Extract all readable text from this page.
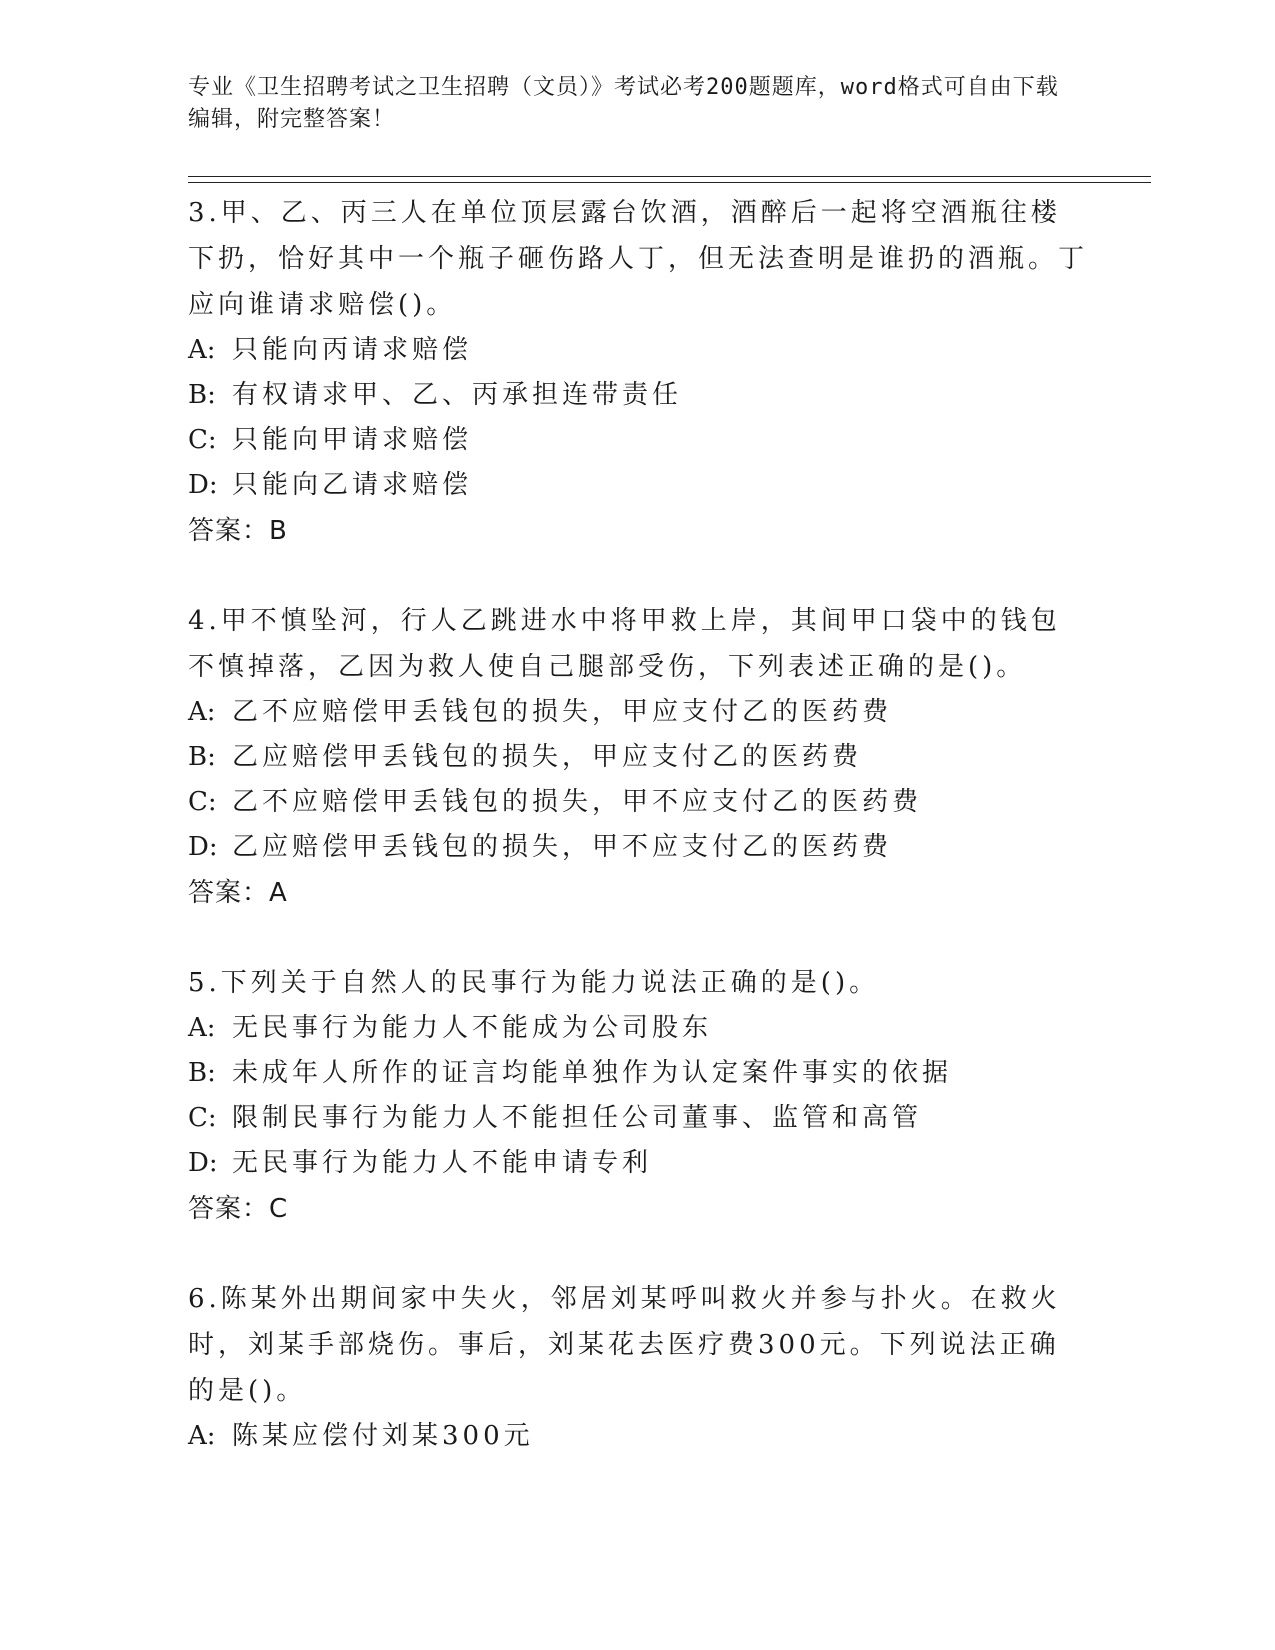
专业《卫生招聘考试之卫生招聘（文员）》考试必考200题题库，word格式可自由下载编辑，附完整答案！
3.甲、乙、丙三人在单位顶层露台饮酒，酒醉后一起将空酒瓶往楼下扔，恰好其中一个瓶子砸伤路人丁，但无法查明是谁扔的酒瓶。丁应向谁请求赔偿()。
A: 只能向丙请求赔偿
B: 有权请求甲、乙、丙承担连带责任
C: 只能向甲请求赔偿
D: 只能向乙请求赔偿
答案：B
4.甲不慎坠河，行人乙跳进水中将甲救上岸，其间甲口袋中的钱包不慎掉落，乙因为救人使自己腿部受伤，下列表述正确的是()。
A: 乙不应赔偿甲丢钱包的损失，甲应支付乙的医药费
B: 乙应赔偿甲丢钱包的损失，甲应支付乙的医药费
C: 乙不应赔偿甲丢钱包的损失，甲不应支付乙的医药费
D: 乙应赔偿甲丢钱包的损失，甲不应支付乙的医药费
答案：A
5.下列关于自然人的民事行为能力说法正确的是()。
A: 无民事行为能力人不能成为公司股东
B: 未成年人所作的证言均能单独作为认定案件事实的依据
C: 限制民事行为能力人不能担任公司董事、监管和高管
D: 无民事行为能力人不能申请专利
答案：C
6.陈某外出期间家中失火，邻居刘某呼叫救火并参与扑火。在救火时，刘某手部烧伤。事后，刘某花去医疗费300元。下列说法正确的是()。
A: 陈某应偿付刘某300元
